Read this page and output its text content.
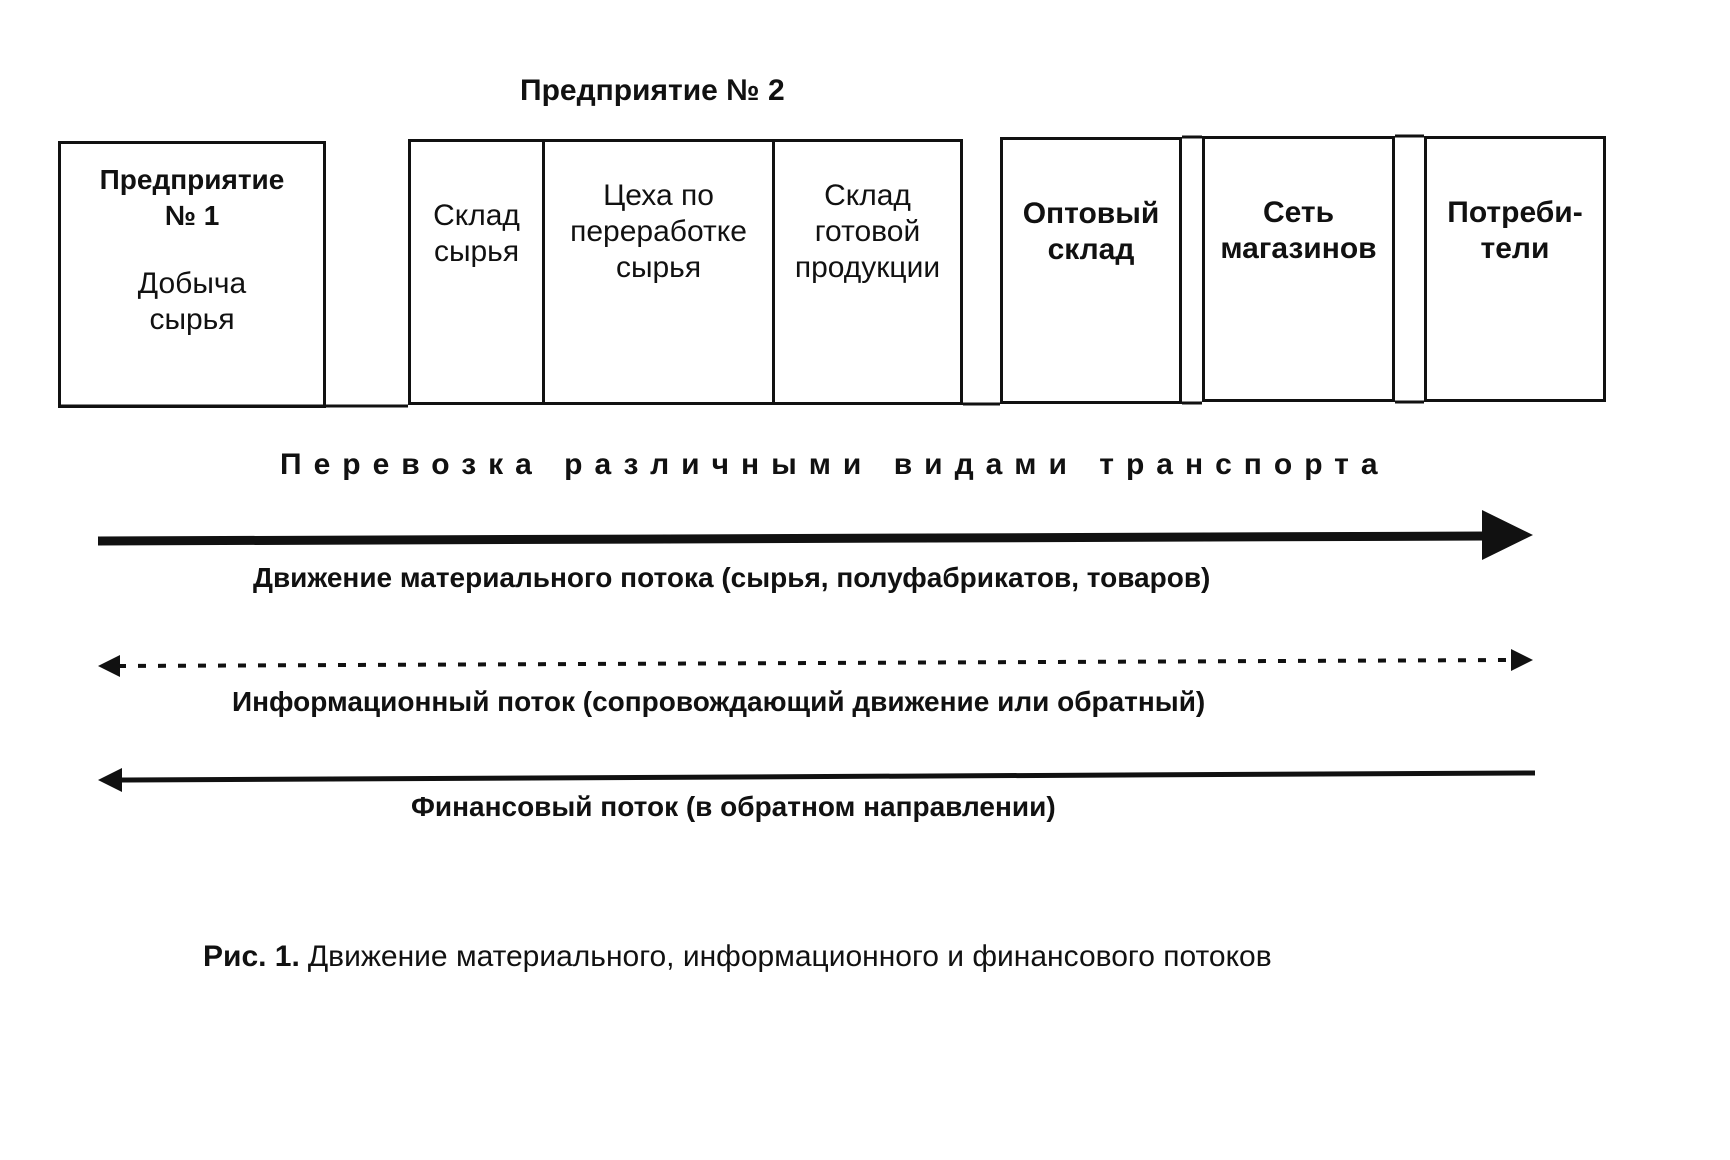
Предприятие № 2
Предприятие
№ 1
Добыча
сырья
Склад
сырья
Цеха по
переработке
сырья
Склад
готовой
продукции
Оптовый
склад
Сеть
магазинов
Потреби-
тели
Перевозка различными видами транспорта
Движение материального потока (сырья, полуфабрикатов, товаров)
Информационный поток (сопровождающий движение или обратный)
Финансовый поток (в обратном направлении)
Рис. 1. Движение материального, информационного и финансового потоков
